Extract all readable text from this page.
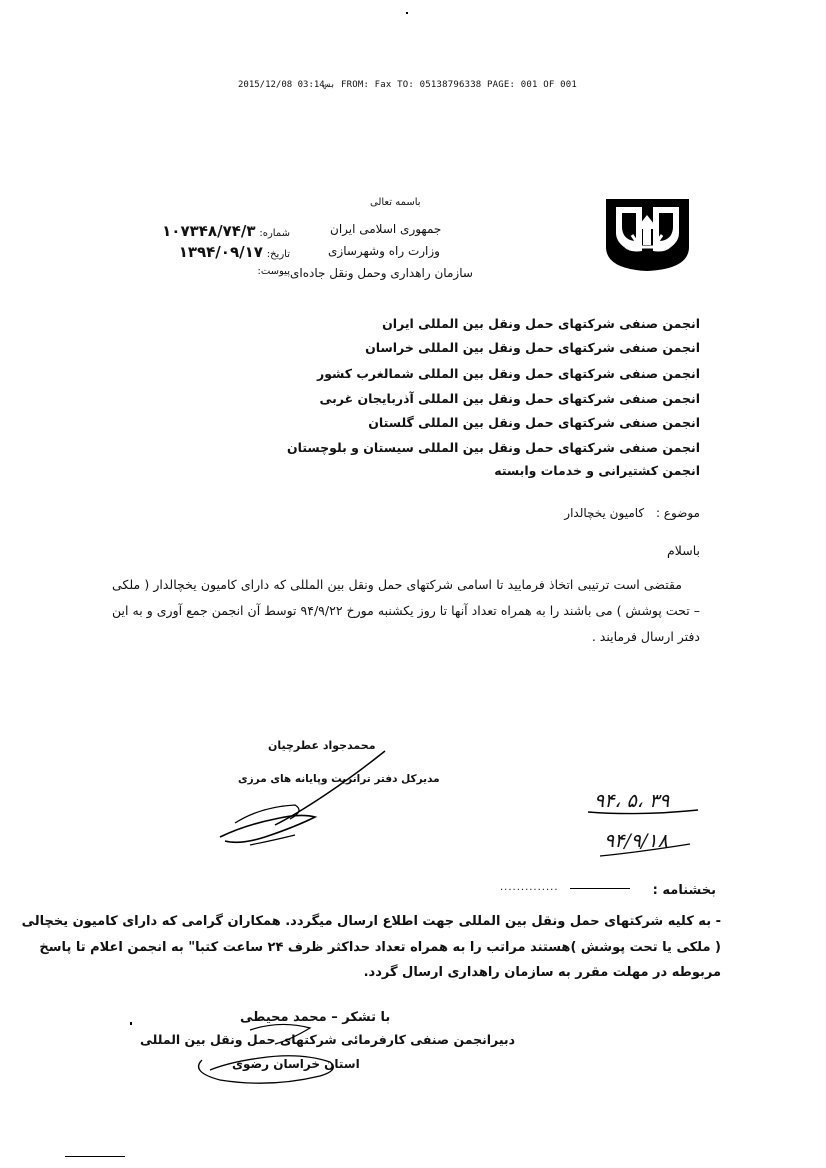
ﺑﺲ03:14 2015/12/08 FROM: Fax TO: 05138796338 PAGE: 001 OF 001
باسمه تعالی
جمهوری اسلامی ایران
وزارت راه وشهرسازی
سازمان راهداری وحمل ونقل جاده‌ای
شماره: ۱۰۷۳۴۸/۷۴/۳
تاریخ: ۱۳۹۴/۰۹/۱۷
پیوست:
انجمن صنفی شرکتهای حمل ونقل بین المللی ایران
انجمن صنفی شرکتهای حمل ونقل بین المللی خراسان
انجمن صنفی شرکتهای حمل ونقل بین المللی شمالغرب کشور
انجمن صنفی شرکتهای حمل ونقل بین المللی آذربایجان غربی
انجمن صنفی شرکتهای حمل ونقل بین المللی گلستان
انجمن صنفی شرکتهای حمل ونقل بین المللی سیستان و بلوچستان
انجمن کشتیرانی و خدمات وابسته
موضوع : کامیون یخچالدار
باسلام
مقتضی است ترتیبی اتخاذ فرمایید تا اسامی شرکتهای حمل ونقل بین المللی که دارای کامیون یخچالدار ( ملکی – تحت پوشش ) می باشند را به همراه تعداد آنها تا روز یکشنبه مورخ ۹۴/۹/۲۲ توسط آن انجمن جمع آوری و به این دفتر ارسال فرمایند .
محمدجواد عطرچیان
مدیرکل دفتر ترانزیت وپایانه های مرزی
۹۴، ۵، ۳۹
۹۴/۹/۱۸
..............	بخشنامه :
- به کلیه شرکتهای حمل ونقل بین المللی جهت اطلاع ارسال میگردد. همکاران گرامی که دارای کامیون یخچالی
( ملکی یا تحت پوشش )هستند مراتب را به همراه تعداد حداکثر ظرف ۲۴ ساعت کتبا" به انجمن اعلام تا پاسخ
مربوطه در مهلت مقرر به سازمان راهداری ارسال گردد.
با تشکر – محمد محیطی
دبیرانجمن صنفی کارفرمائی شرکتهای حمل ونقل بین المللی
استان خراسان رضوی
